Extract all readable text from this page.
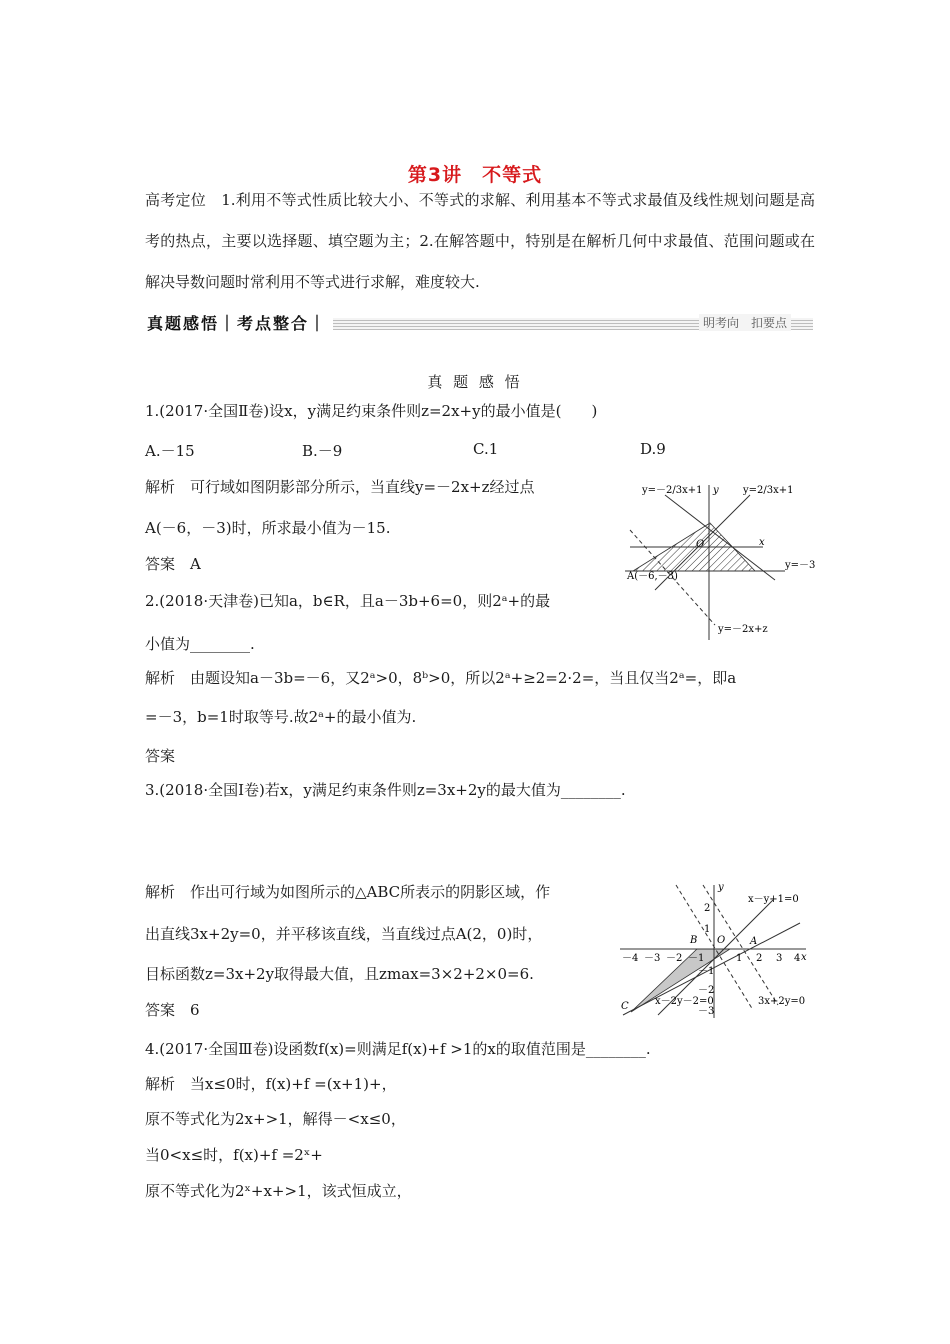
第3讲　不等式
高考定位　1.利用不等式性质比较大小、不等式的求解、利用基本不等式求最值及线性规划问题是高考的热点，主要以选择题、填空题为主；2.在解答题中，特别是在解析几何中求最值、范围问题或在解决导数问题时常利用不等式进行求解，难度较大.
真题感悟｜考点整合｜	明考向　扣要点
真 题 感 悟
1.(2017·全国Ⅱ卷)设x，y满足约束条件则z=2x+y的最小值是(　　)
A.－15	B.－9	C.1	D.9
解析　可行域如图阴影部分所示，当直线y=－2x+z经过点
A(－6，－3)时，所求最小值为－15.
答案　A
y=－2/3x+1	y=2/3x+1
y
x
O
y=－3
A(－6,－3)
y=－2x+z
2.(2018·天津卷)已知a，b∈R，且a－3b+6=0，则2ᵃ+的最
小值为________.
解析　由题设知a－3b=－6，又2ᵃ>0，8ᵇ>0，所以2ᵃ+≥2=2·2=，当且仅当2ᵃ=，即a
=－3，b=1时取等号.故2ᵃ+的最小值为.
答案
3.(2018·全国Ⅰ卷)若x，y满足约束条件则z=3x+2y的最大值为________.
解析　作出可行域为如图所示的△ABC所表示的阴影区域，作
出直线3x+2y=0，并平移该直线，当直线过点A(2，0)时，
目标函数z=3x+2y取得最大值，且zmax=3×2+2×0=6.
答案　6
y
x
O
x－y+1=0
x－2y－2=0	3x+2y=0
A
B
C
－4 －3 －2 －1	1 2 3 4
2
1
－1
－2
－3
4.(2017·全国Ⅲ卷)设函数f(x)=则满足f(x)+f >1的x的取值范围是________.
解析　当x≤0时，f(x)+f =(x+1)+，
原不等式化为2x+>1，解得－<x≤0，
当0<x≤时，f(x)+f =2ˣ+
原不等式化为2ˣ+x+>1，该式恒成立，
